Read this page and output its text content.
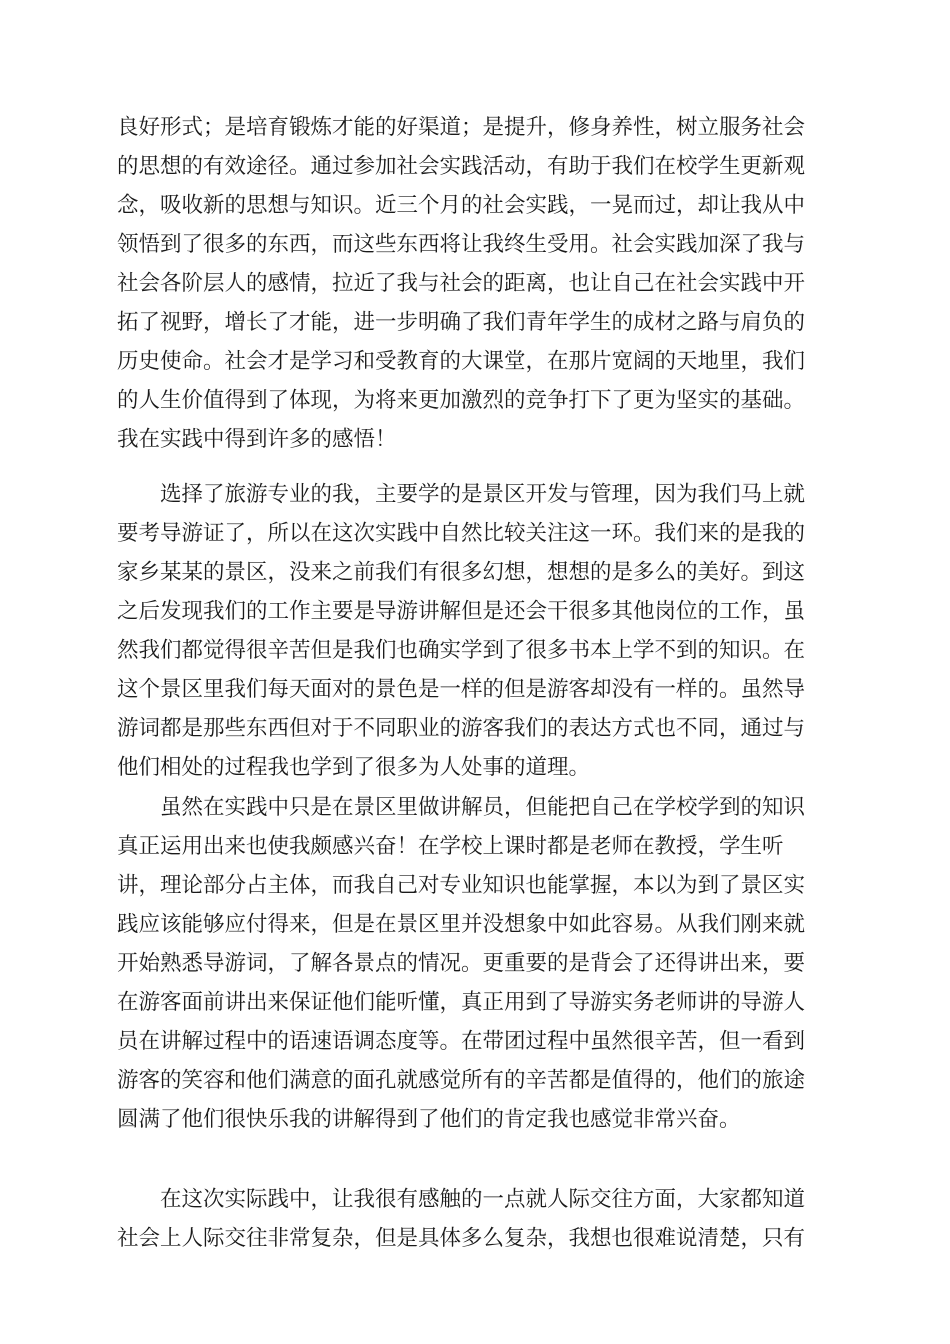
良好形式；是培育锻炼才能的好渠道；是提升，修身养性，树立服务社会
的思想的有效途径。通过参加社会实践活动，有助于我们在校学生更新观
念，吸收新的思想与知识。近三个月的社会实践，一晃而过，却让我从中
领悟到了很多的东西，而这些东西将让我终生受用。社会实践加深了我与
社会各阶层人的感情，拉近了我与社会的距离，也让自己在社会实践中开
拓了视野，增长了才能，进一步明确了我们青年学生的成材之路与肩负的
历史使命。社会才是学习和受教育的大课堂，在那片宽阔的天地里，我们
的人生价值得到了体现，为将来更加激烈的竞争打下了更为坚实的基础。
我在实践中得到许多的感悟！
选择了旅游专业的我，主要学的是景区开发与管理，因为我们马上就
要考导游证了，所以在这次实践中自然比较关注这一环。我们来的是我的
家乡某某的景区，没来之前我们有很多幻想，想想的是多么的美好。到这
之后发现我们的工作主要是导游讲解但是还会干很多其他岗位的工作，虽
然我们都觉得很辛苦但是我们也确实学到了很多书本上学不到的知识。在
这个景区里我们每天面对的景色是一样的但是游客却没有一样的。虽然导
游词都是那些东西但对于不同职业的游客我们的表达方式也不同，通过与
他们相处的过程我也学到了很多为人处事的道理。
虽然在实践中只是在景区里做讲解员，但能把自己在学校学到的知识
真正运用出来也使我颇感兴奋！在学校上课时都是老师在教授，学生听
讲，理论部分占主体，而我自己对专业知识也能掌握，本以为到了景区实
践应该能够应付得来，但是在景区里并没想象中如此容易。从我们刚来就
开始熟悉导游词，了解各景点的情况。更重要的是背会了还得讲出来，要
在游客面前讲出来保证他们能听懂，真正用到了导游实务老师讲的导游人
员在讲解过程中的语速语调态度等。在带团过程中虽然很辛苦，但一看到
游客的笑容和他们满意的面孔就感觉所有的辛苦都是值得的，他们的旅途
圆满了他们很快乐我的讲解得到了他们的肯定我也感觉非常兴奋。
在这次实际践中，让我很有感触的一点就人际交往方面，大家都知道
社会上人际交往非常复杂，但是具体多么复杂，我想也很难说清楚，只有
